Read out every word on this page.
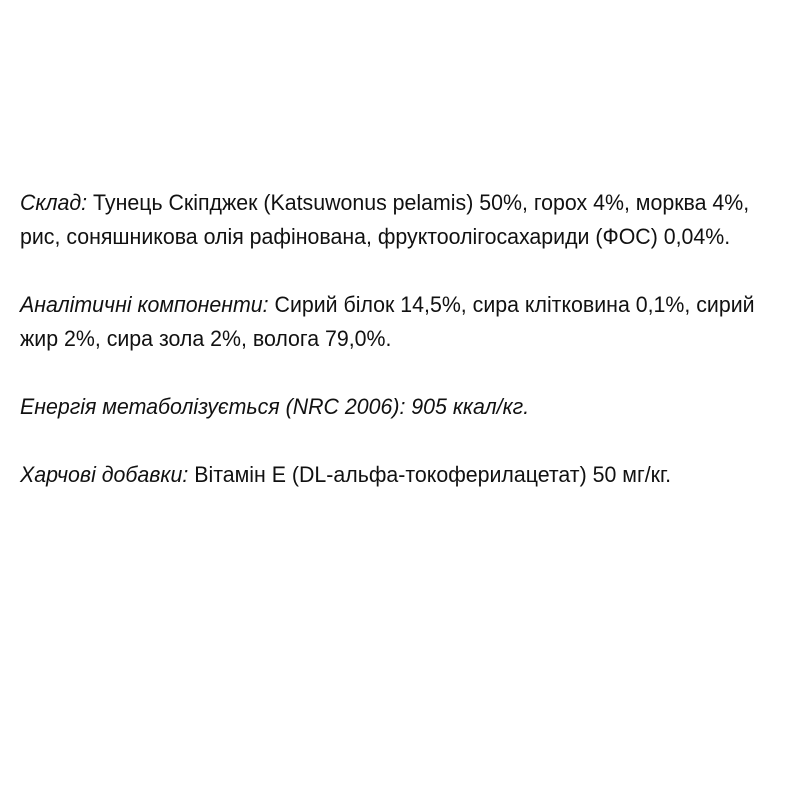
Склад: Тунець Скіпджек (Katsuwonus pelamis) 50%, горох 4%, морква 4%, рис, соняшникова олія рафінована, фруктоолігосахариди (ФОС) 0,04%.

Аналітичні компоненти: Сирий білок 14,5%, сира клітковина 0,1%, сирий жир 2%, сира зола 2%, волога 79,0%.

Енергія метаболізується (NRC 2006): 905 ккал/кг.

Харчові добавки: Вітамін Е (DL-альфа-токоферилацетат) 50 мг/кг.
